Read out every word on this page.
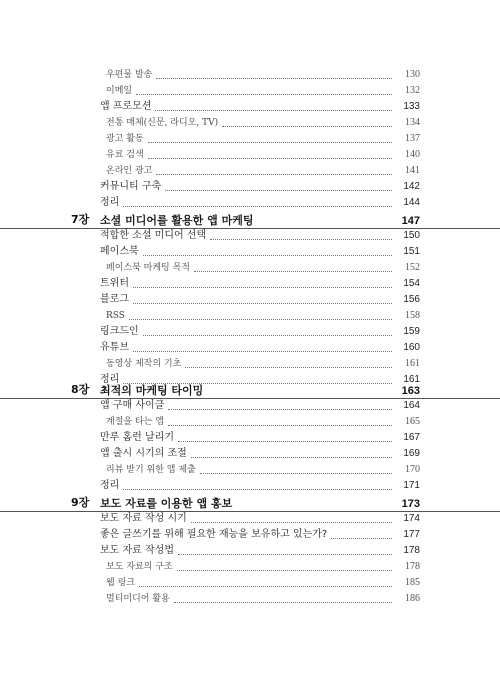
우편물 발송	130
이메일	132
앱 프로모션	133
전통 매체(신문, 라디오, TV)	134
광고 활동	137
유료 검색	140
온라인 광고	141
커뮤니티 구축	142
정리	144
7장 소셜 미디어를 활용한 앱 마케팅	147
적합한 소셜 미디어 선택	150
페이스북	151
페이스북 마케팅 목적	152
트위터	154
블로그	156
RSS	158
링크드인	159
유튜브	160
동영상 제작의 기초	161
정리	161
8장 최적의 마케팅 타이밍	163
앱 구매 사이클	164
계절을 타는 앱	165
만루 홈런 날리기	167
앱 출시 시기의 조절	169
리뷰 받기 위한 앱 제출	170
정리	171
9장 보도 자료를 이용한 앱 홍보	173
보도 자료 작성 시기	174
좋은 글쓰기를 위해 필요한 재능을 보유하고 있는가?	177
보도 자료 작성법	178
보도 자료의 구조	178
웹 링크	185
멀티미디어 활용	186
